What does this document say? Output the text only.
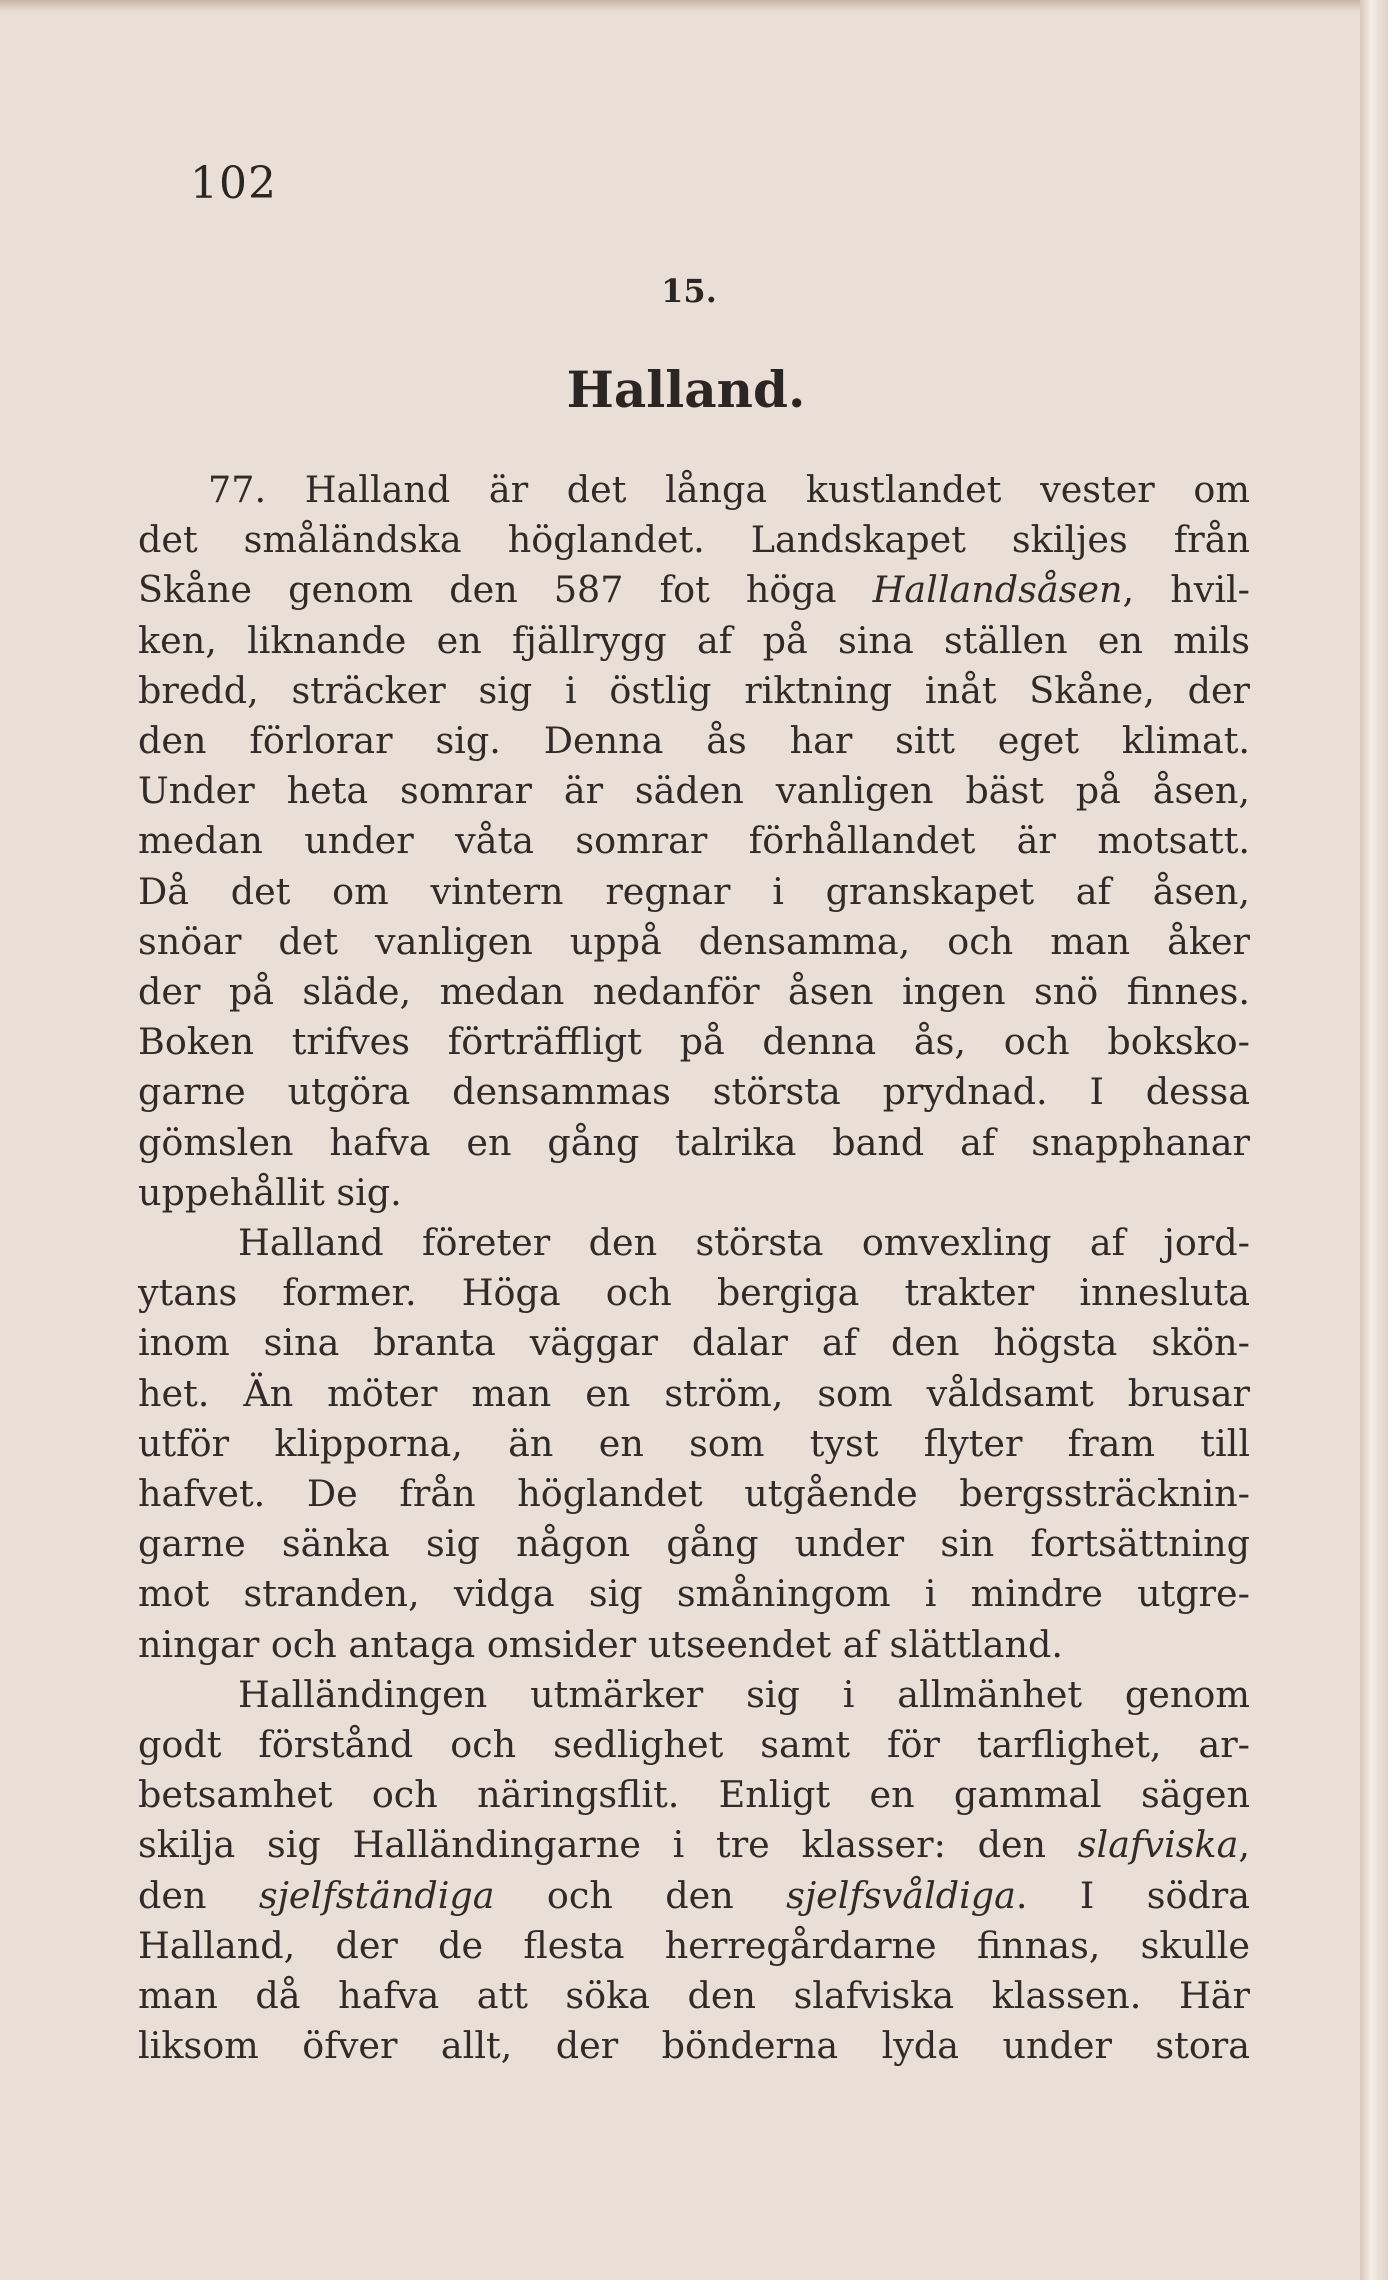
102
15.
Halland.
77. Halland är det långa kustlandet vester om
det småländska höglandet. Landskapet skiljes från
Skåne genom den 587 fot höga Hallandsåsen, hvil-
ken, liknande en fjällrygg af på sina ställen en mils
bredd, sträcker sig i östlig riktning inåt Skåne, der
den förlorar sig. Denna ås har sitt eget klimat.
Under heta somrar är säden vanligen bäst på åsen,
medan under våta somrar förhållandet är motsatt.
Då det om vintern regnar i granskapet af åsen,
snöar det vanligen uppå densamma, och man åker
der på släde, medan nedanför åsen ingen snö finnes.
Boken trifves förträffligt på denna ås, och boksko-
garne utgöra densammas största prydnad. I dessa
gömslen hafva en gång talrika band af snapphanar
uppehållit sig.
Halland företer den största omvexling af jord-
ytans former. Höga och bergiga trakter innesluta
inom sina branta väggar dalar af den högsta skön-
het. Än möter man en ström, som våldsamt brusar
utför klipporna, än en som tyst flyter fram till
hafvet. De från höglandet utgående bergssträcknin-
garne sänka sig någon gång under sin fortsättning
mot stranden, vidga sig småningom i mindre utgre-
ningar och antaga omsider utseendet af slättland.
Halländingen utmärker sig i allmänhet genom
godt förstånd och sedlighet samt för tarflighet, ar-
betsamhet och näringsflit. Enligt en gammal sägen
skilja sig Halländingarne i tre klasser: den slafviska,
den sjelfständiga och den sjelfsvåldiga. I södra
Halland, der de flesta herregårdarne finnas, skulle
man då hafva att söka den slafviska klassen. Här
liksom öfver allt, der bönderna lyda under stora
